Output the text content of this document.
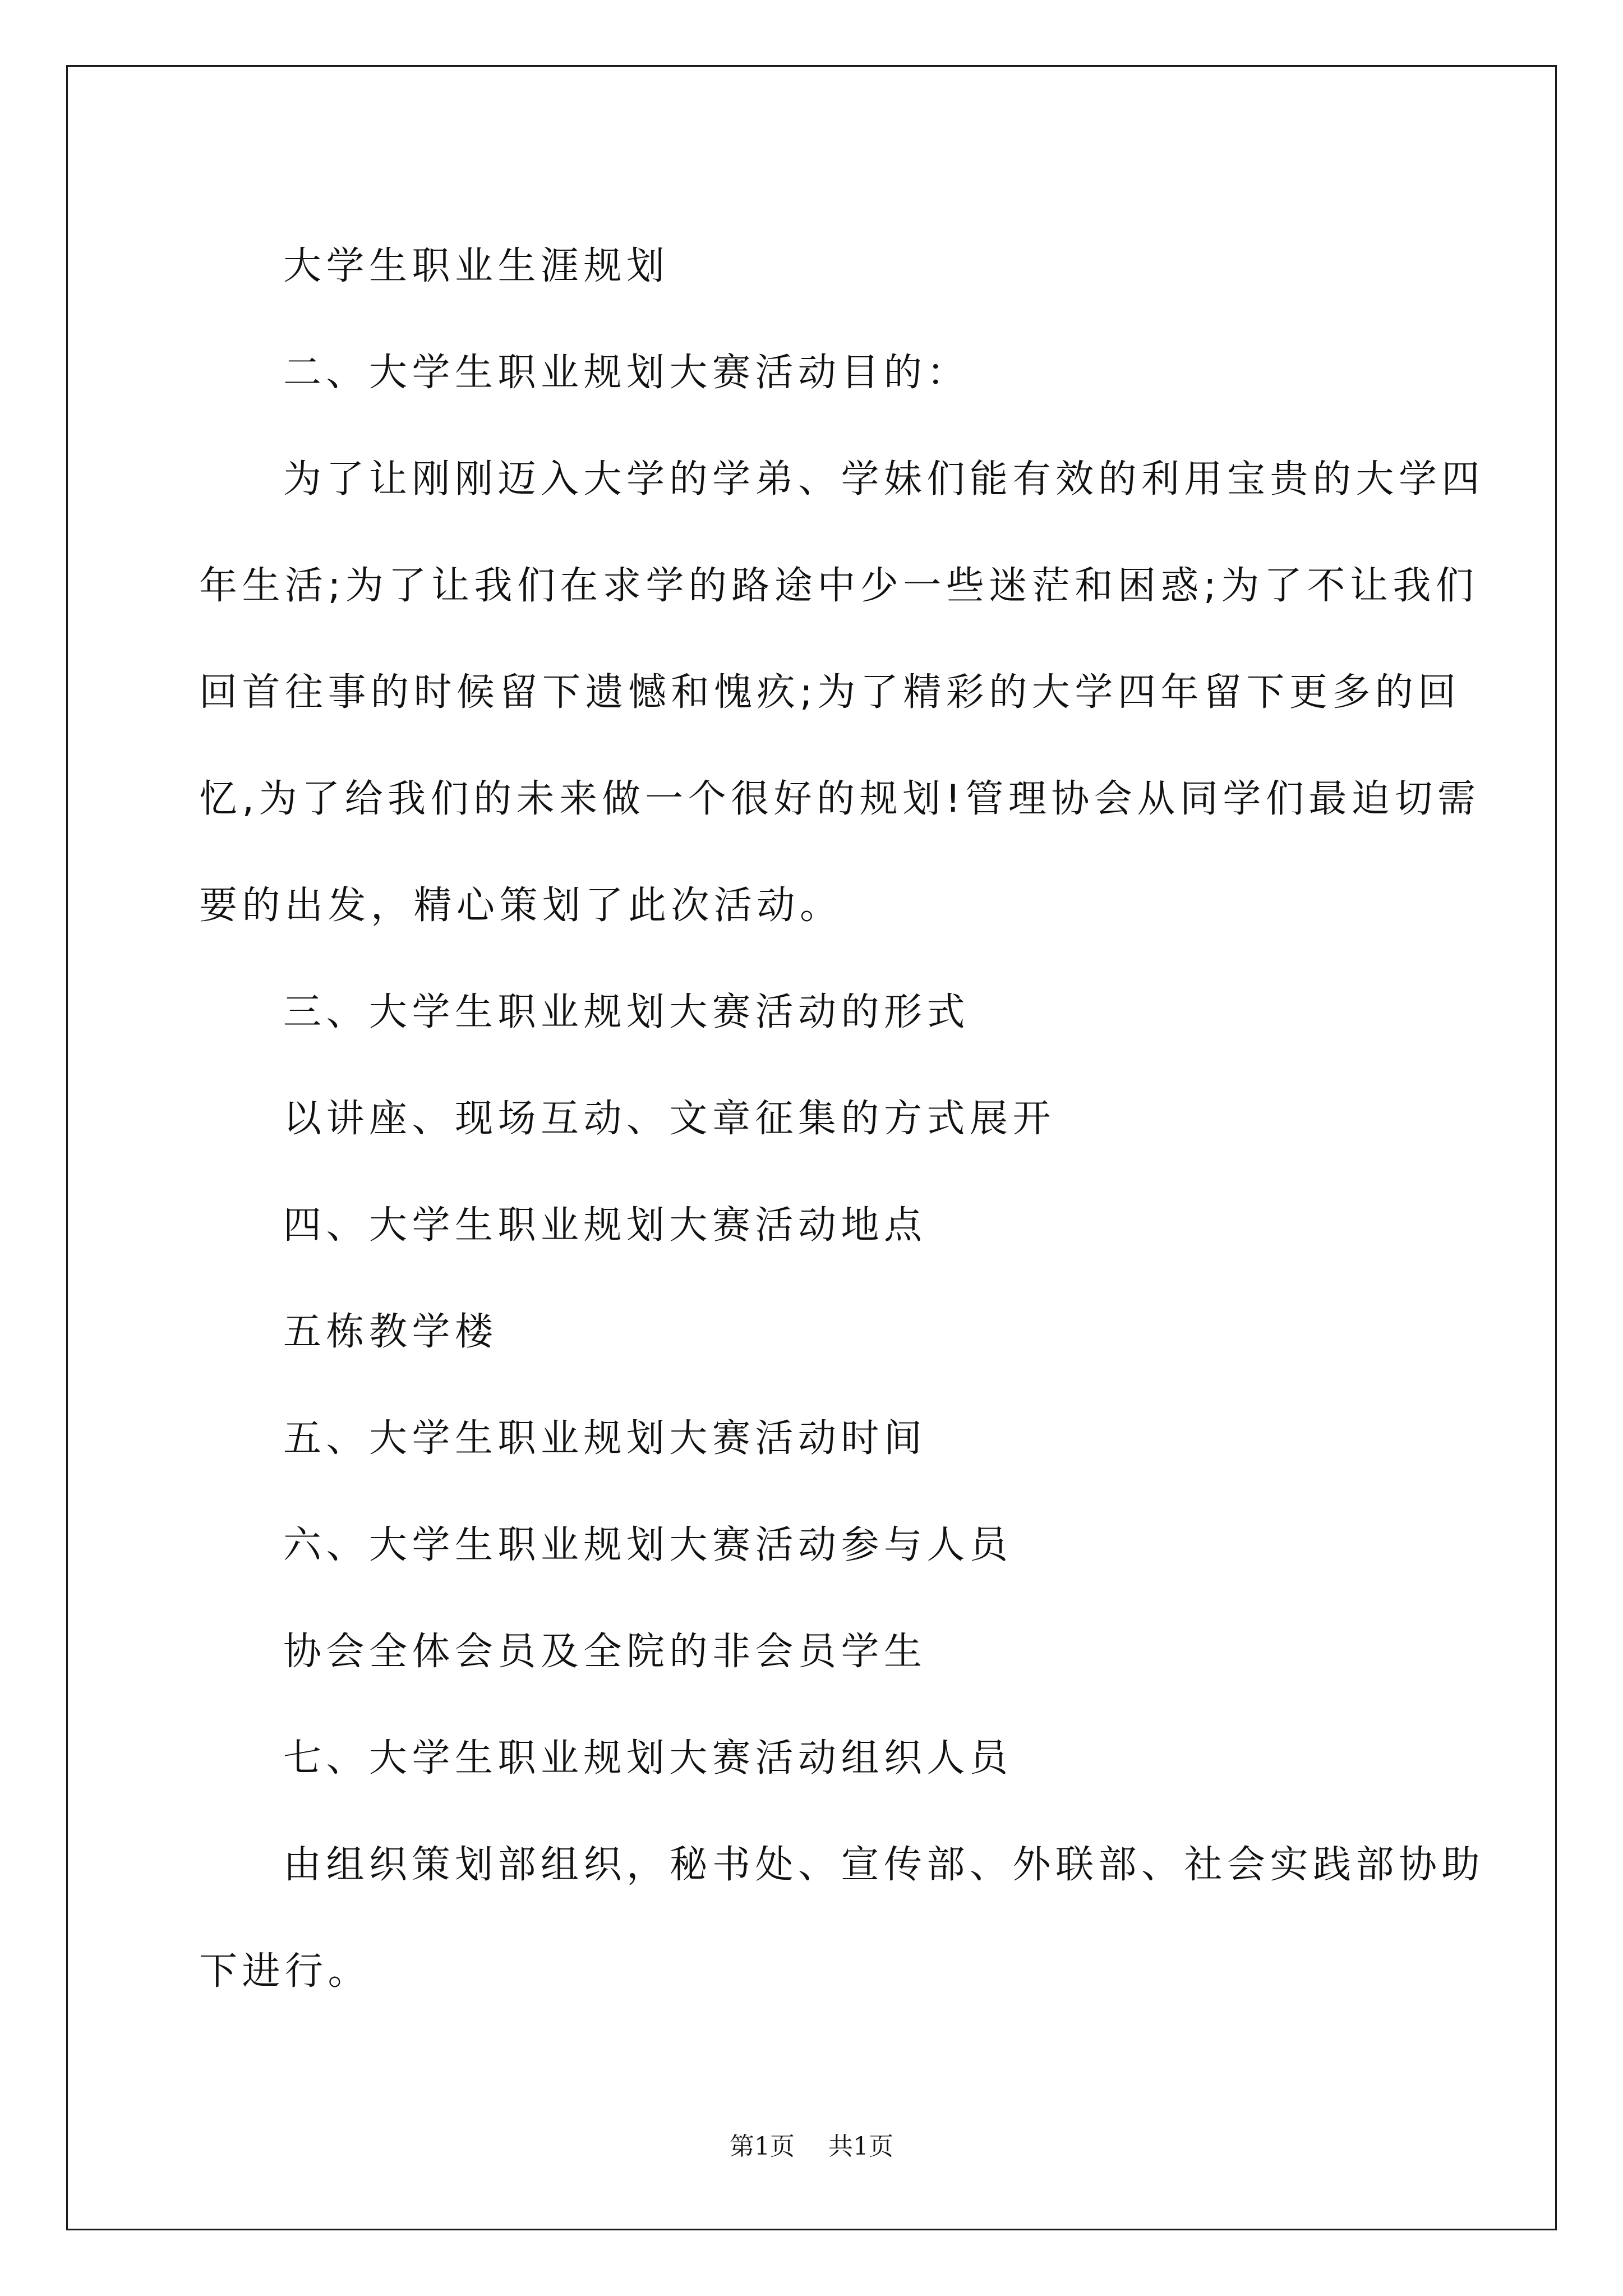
大学生职业生涯规划

二、大学生职业规划大赛活动目的：

为了让刚刚迈入大学的学弟、学妹们能有效的利用宝贵的大学四

年生活;为了让我们在求学的路途中少一些迷茫和困惑;为了不让我们

回首往事的时候留下遗憾和愧疚;为了精彩的大学四年留下更多的回

忆,为了给我们的未来做一个很好的规划!管理协会从同学们最迫切需

要的出发，精心策划了此次活动。

三、大学生职业规划大赛活动的形式

以讲座、现场互动、文章征集的方式展开

四、大学生职业规划大赛活动地点

五栋教学楼

五、大学生职业规划大赛活动时间

六、大学生职业规划大赛活动参与人员

协会全体会员及全院的非会员学生

七、大学生职业规划大赛活动组织人员

由组织策划部组织，秘书处、宣传部、外联部、社会实践部协助

下进行。

第1页 共1页
